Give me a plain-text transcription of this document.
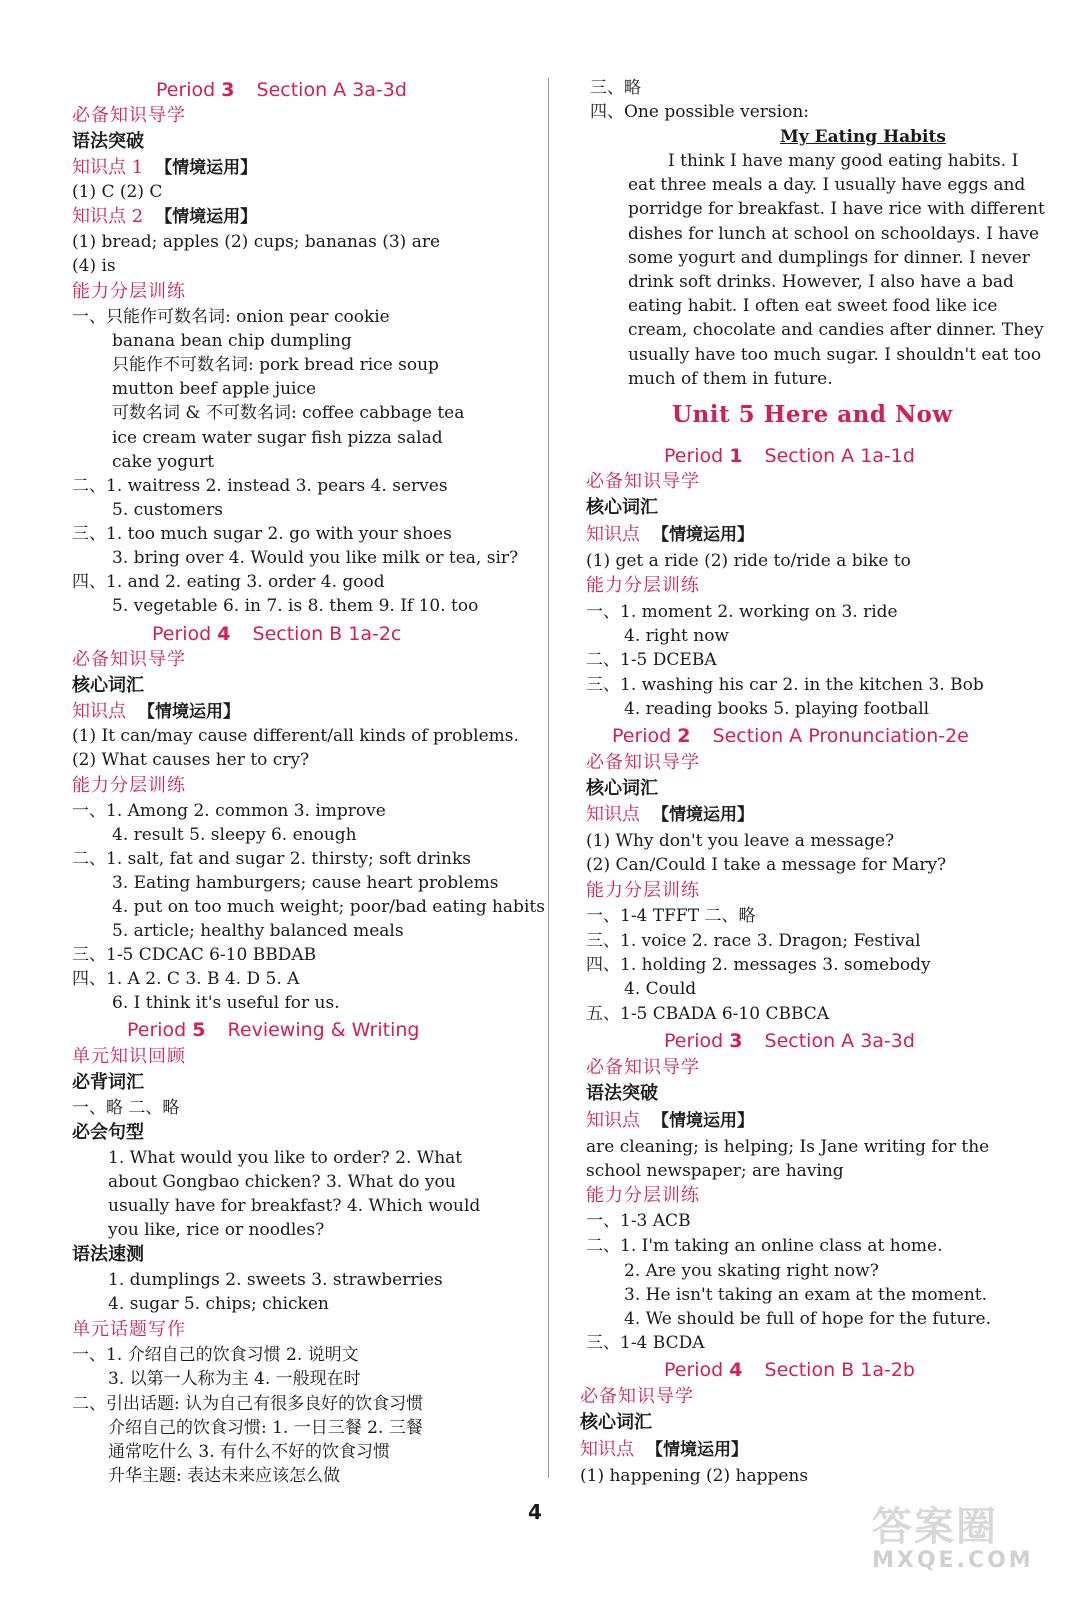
Period 3 Section A 3a-3d
必备知识导学
语法突破
知识点 1 【情境运用】
(1) C (2) C
知识点 2 【情境运用】
(1) bread; apples (2) cups; bananas (3) are
(4) is
能力分层训练
一、只能作可数名词: onion pear cookie
banana bean chip dumpling
只能作不可数名词: pork bread rice soup
mutton beef apple juice
可数名词 & 不可数名词: coffee cabbage tea
ice cream water sugar fish pizza salad
cake yogurt
二、1. waitress 2. instead 3. pears 4. serves
5. customers
三、1. too much sugar 2. go with your shoes
3. bring over 4. Would you like milk or tea, sir?
四、1. and 2. eating 3. order 4. good
5. vegetable 6. in 7. is 8. them 9. If 10. too
Period 4 Section B 1a-2c
必备知识导学
核心词汇
知识点 【情境运用】
(1) It can/may cause different/all kinds of problems.
(2) What causes her to cry?
能力分层训练
一、1. Among 2. common 3. improve
4. result 5. sleepy 6. enough
二、1. salt, fat and sugar 2. thirsty; soft drinks
3. Eating hamburgers; cause heart problems
4. put on too much weight; poor/bad eating habits
5. article; healthy balanced meals
三、1-5 CDCAC 6-10 BBDAB
四、1. A 2. C 3. B 4. D 5. A
6. I think it's useful for us.
Period 5 Reviewing & Writing
单元知识回顾
必背词汇
一、略 二、略
必会句型
1. What would you like to order? 2. What
about Gongbao chicken? 3. What do you
usually have for breakfast? 4. Which would
you like, rice or noodles?
语法速测
1. dumplings 2. sweets 3. strawberries
4. sugar 5. chips; chicken
单元话题写作
一、1. 介绍自己的饮食习惯 2. 说明文
3. 以第一人称为主 4. 一般现在时
二、引出话题: 认为自己有很多良好的饮食习惯
介绍自己的饮食习惯: 1. 一日三餐 2. 三餐
通常吃什么 3. 有什么不好的饮食习惯
升华主题: 表达未来应该怎么做
三、略
四、One possible version:
My Eating Habits
I think I have many good eating habits. I
eat three meals a day. I usually have eggs and
porridge for breakfast. I have rice with different
dishes for lunch at school on schooldays. I have
some yogurt and dumplings for dinner. I never
drink soft drinks. However, I also have a bad
eating habit. I often eat sweet food like ice
cream, chocolate and candies after dinner. They
usually have too much sugar. I shouldn't eat too
much of them in future.
Unit 5 Here and Now
Period 1 Section A 1a-1d
必备知识导学
核心词汇
知识点 【情境运用】
(1) get a ride (2) ride to/ride a bike to
能力分层训练
一、1. moment 2. working on 3. ride
4. right now
二、1-5 DCEBA
三、1. washing his car 2. in the kitchen 3. Bob
4. reading books 5. playing football
Period 2 Section A Pronunciation-2e
必备知识导学
核心词汇
知识点 【情境运用】
(1) Why don't you leave a message?
(2) Can/Could I take a message for Mary?
能力分层训练
一、1-4 TFFT 二、略
三、1. voice 2. race 3. Dragon; Festival
四、1. holding 2. messages 3. somebody
4. Could
五、1-5 CBADA 6-10 CBBCA
Period 3 Section A 3a-3d
必备知识导学
语法突破
知识点 【情境运用】
are cleaning; is helping; Is Jane writing for the
school newspaper; are having
能力分层训练
一、1-3 ACB
二、1. I'm taking an online class at home.
2. Are you skating right now?
3. He isn't taking an exam at the moment.
4. We should be full of hope for the future.
三、1-4 BCDA
Period 4 Section B 1a-2b
必备知识导学
核心词汇
知识点 【情境运用】
(1) happening (2) happens
4	答案圈
MXQE.COM
